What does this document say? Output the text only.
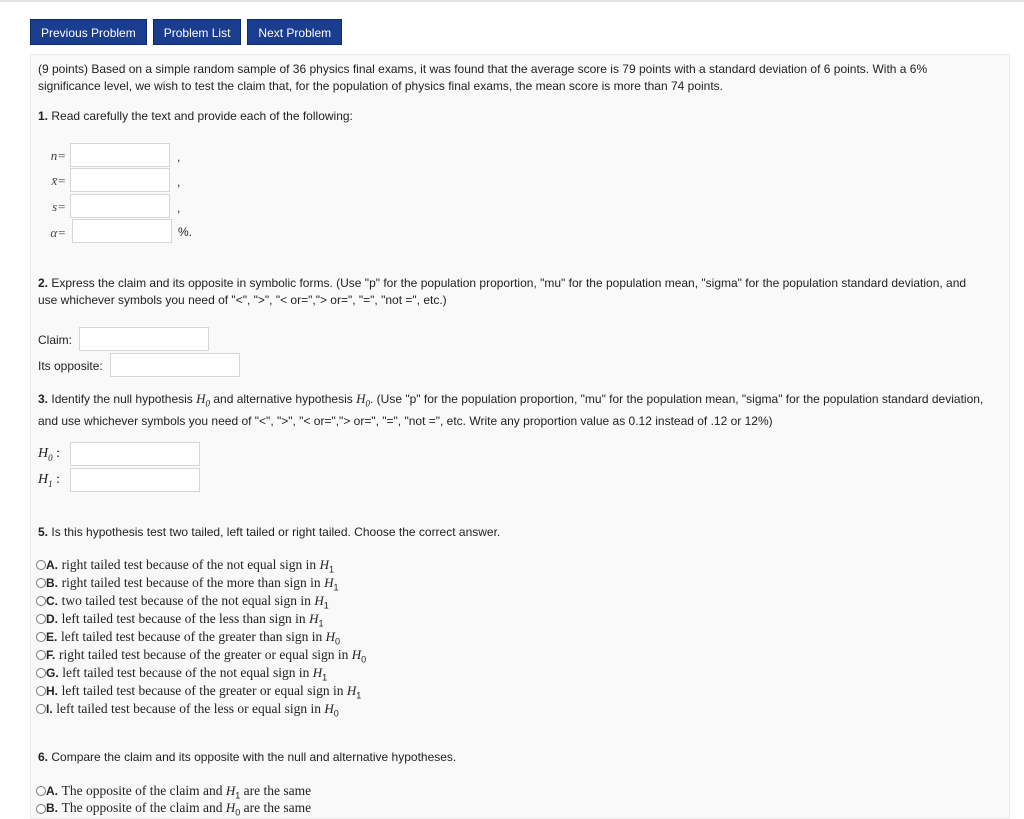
Previous Problem	Problem List	Next Problem
(9 points) Based on a simple random sample of 36 physics final exams, it was found that the average score is 79 points with a standard deviation of 6 points. With a 6% significance level, we wish to test the claim that, for the population of physics final exams, the mean score is more than 74 points.
1. Read carefully the text and provide each of the following:
n=	,
x̄=	,
s=	,
α=	%.
2. Express the claim and its opposite in symbolic forms. (Use "p" for the population proportion, "mu" for the population mean, "sigma" for the population standard deviation, and use whichever symbols you need of "<", ">", "< or=","> or=", "=", "not =", etc.)
Claim:
Its opposite:
3. Identify the null hypothesis $H_0$ and alternative hypothesis $H_0$. (Use "p" for the population proportion, "mu" for the population mean, "sigma" for the population standard deviation, and use whichever symbols you need of "<", ">", "< or=","> or=", "=", "not =", etc. Write any proportion value as 0.12 instead of .12 or 12%)
$H_0$ :
$H_1$ :
5. Is this hypothesis test two tailed, left tailed or right tailed. Choose the correct answer.
A. right tailed test because of the not equal sign in $H_1$
B. right tailed test because of the more than sign in $H_1$
C. two tailed test because of the not equal sign in $H_1$
D. left tailed test because of the less than sign in $H_1$
E. left tailed test because of the greater than sign in $H_0$
F. right tailed test because of the greater or equal sign in $H_0$
G. left tailed test because of the not equal sign in $H_1$
H. left tailed test because of the greater or equal sign in $H_1$
I. left tailed test because of the less or equal sign in $H_0$
6. Compare the claim and its opposite with the null and alternative hypotheses.
A. The opposite of the claim and $H_1$ are the same
B. The opposite of the claim and $H_0$ are the same
